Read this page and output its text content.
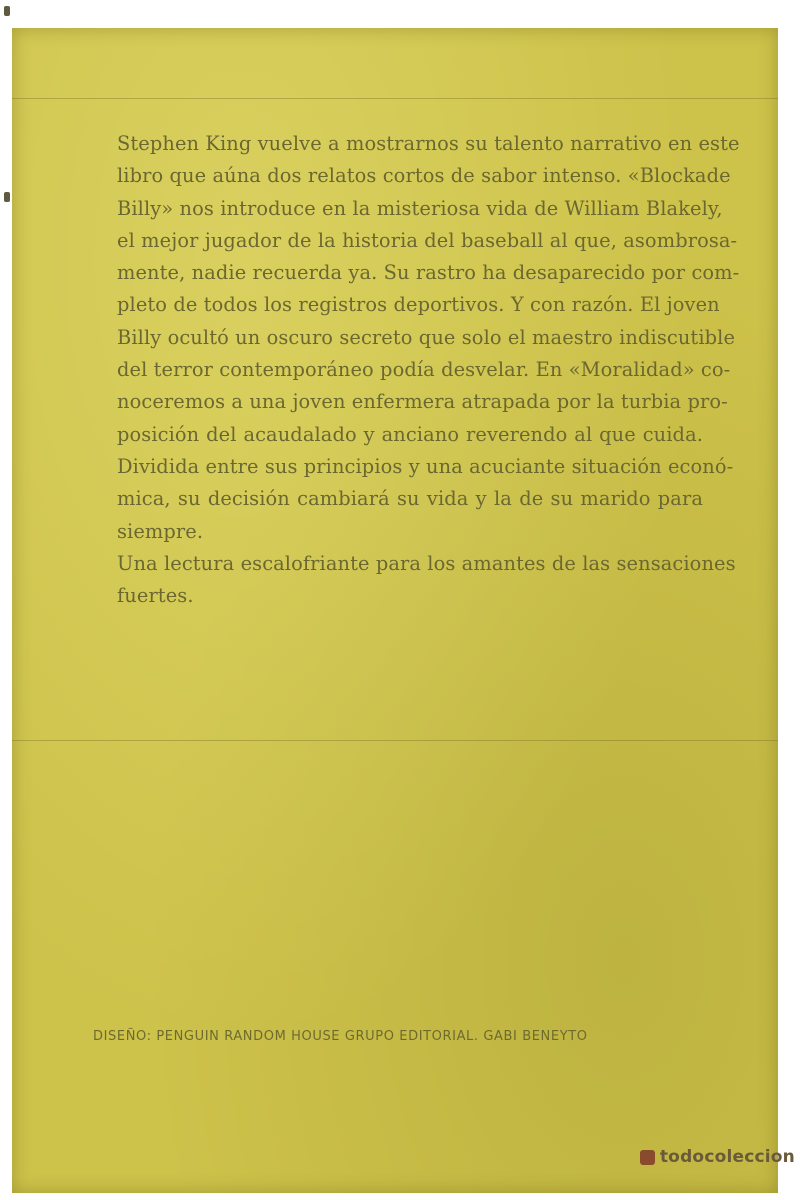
Stephen King vuelve a mostrarnos su talento narrativo en este
libro que aúna dos relatos cortos de sabor intenso. «Blockade
Billy» nos introduce en la misteriosa vida de William Blakely,
el mejor jugador de la historia del baseball al que, asombrosa-
mente, nadie recuerda ya. Su rastro ha desaparecido por com-
pleto de todos los registros deportivos. Y con razón. El joven
Billy ocultó un oscuro secreto que solo el maestro indiscutible
del terror contemporáneo podía desvelar. En «Moralidad» co-
noceremos a una joven enfermera atrapada por la turbia pro-
posición del acaudalado y anciano reverendo al que cuida.
Dividida entre sus principios y una acuciante situación econó-
mica, su decisión cambiará su vida y la de su marido para
siempre.
Una lectura escalofriante para los amantes de las sensaciones
fuertes.

DISEÑO: PENGUIN RANDOM HOUSE GRUPO EDITORIAL. GABI BENEYTO

todocoleccion
